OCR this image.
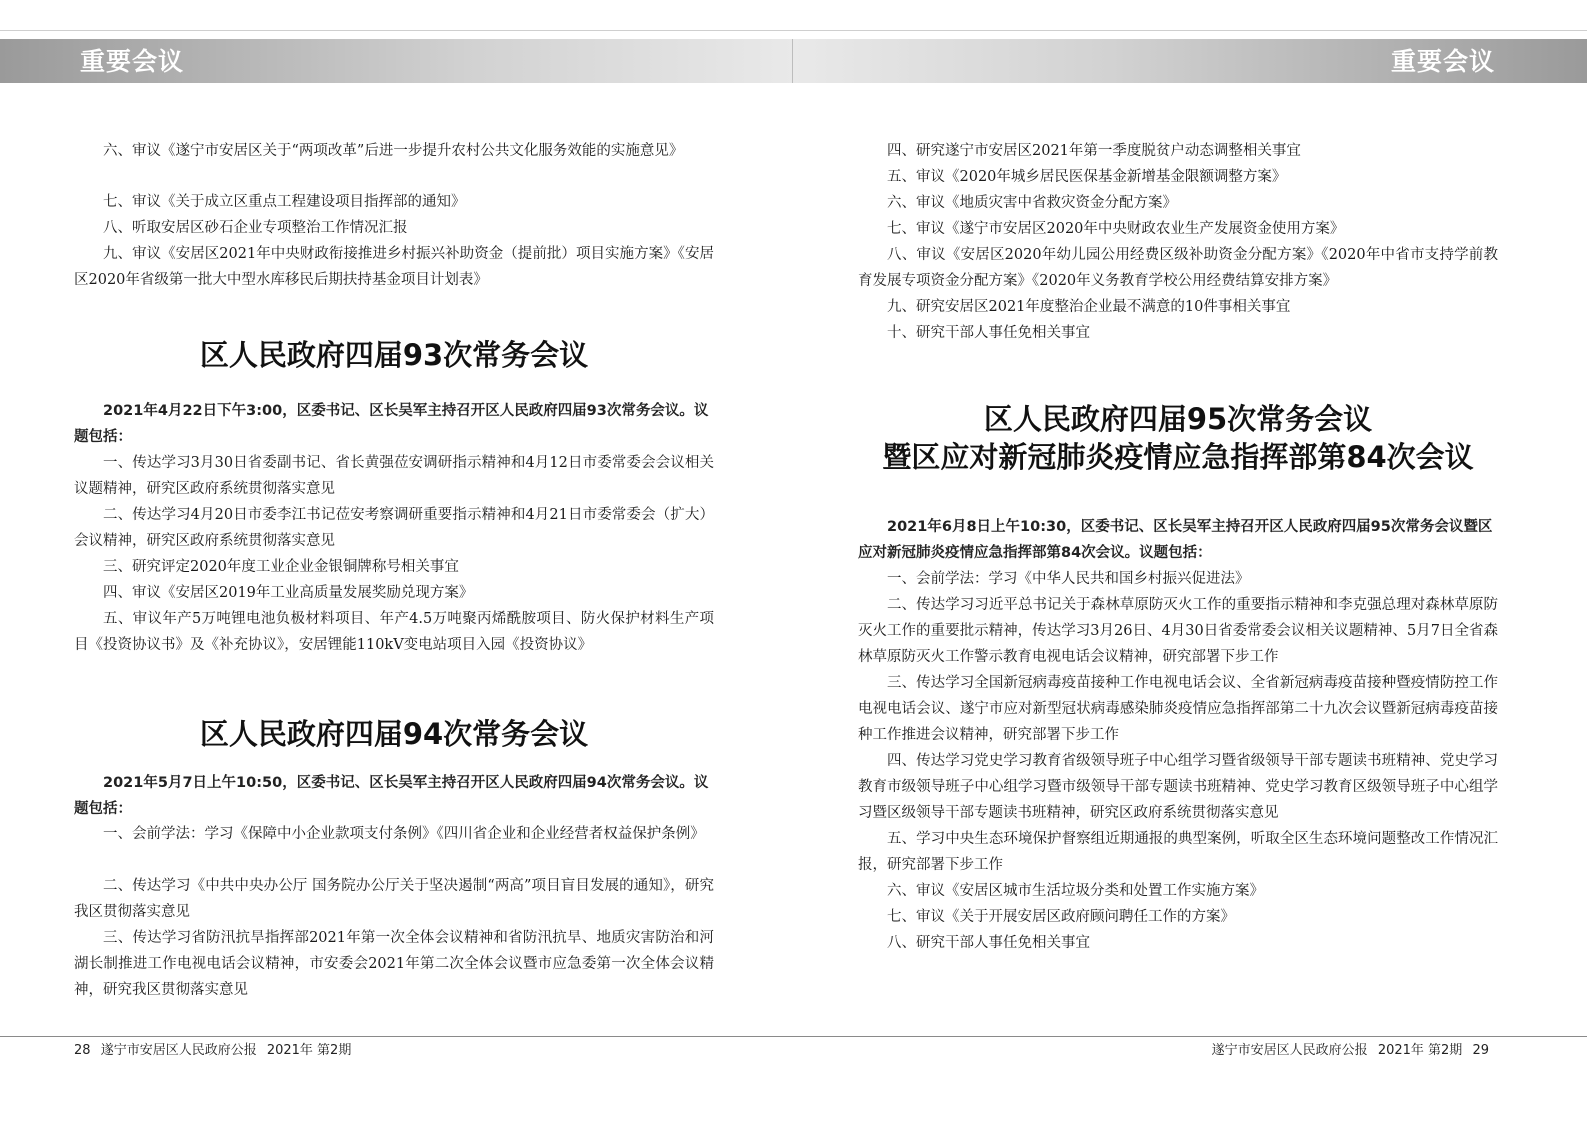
重要会议	重要会议
六、审议《遂宁市安居区关于“两项改革”后进一步提升农村公共文化服务效能的实施意见》
七、审议《关于成立区重点工程建设项目指挥部的通知》
八、听取安居区砂石企业专项整治工作情况汇报
九、审议《安居区2021年中央财政衔接推进乡村振兴补助资金（提前批）项目实施方案》《安居区2020年省级第一批大中型水库移民后期扶持基金项目计划表》
区人民政府四届93次常务会议
2021年4月22日下午3:00，区委书记、区长吴军主持召开区人民政府四届93次常务会议。议题包括：
一、传达学习3月30日省委副书记、省长黄强莅安调研指示精神和4月12日市委常委会会议相关议题精神，研究区政府系统贯彻落实意见
二、传达学习4月20日市委李江书记莅安考察调研重要指示精神和4月21日市委常委会（扩大）会议精神，研究区政府系统贯彻落实意见
三、研究评定2020年度工业企业金银铜牌称号相关事宜
四、审议《安居区2019年工业高质量发展奖励兑现方案》
五、审议年产5万吨锂电池负极材料项目、年产4.5万吨聚丙烯酰胺项目、防火保护材料生产项目《投资协议书》及《补充协议》，安居锂能110kV变电站项目入园《投资协议》
区人民政府四届94次常务会议
2021年5月7日上午10:50，区委书记、区长吴军主持召开区人民政府四届94次常务会议。议题包括：
一、会前学法：学习《保障中小企业款项支付条例》《四川省企业和企业经营者权益保护条例》
二、传达学习《中共中央办公厅 国务院办公厅关于坚决遏制“两高”项目盲目发展的通知》，研究我区贯彻落实意见
三、传达学习省防汛抗旱指挥部2021年第一次全体会议精神和省防汛抗旱、地质灾害防治和河湖长制推进工作电视电话会议精神，市安委会2021年第二次全体会议暨市应急委第一次全体会议精神，研究我区贯彻落实意见
四、研究遂宁市安居区2021年第一季度脱贫户动态调整相关事宜
五、审议《2020年城乡居民医保基金新增基金限额调整方案》
六、审议《地质灾害中省救灾资金分配方案》
七、审议《遂宁市安居区2020年中央财政农业生产发展资金使用方案》
八、审议《安居区2020年幼儿园公用经费区级补助资金分配方案》《2020年中省市支持学前教育发展专项资金分配方案》《2020年义务教育学校公用经费结算安排方案》
九、研究安居区2021年度整治企业最不满意的10件事相关事宜
十、研究干部人事任免相关事宜
区人民政府四届95次常务会议
暨区应对新冠肺炎疫情应急指挥部第84次会议
2021年6月8日上午10:30，区委书记、区长吴军主持召开区人民政府四届95次常务会议暨区应对新冠肺炎疫情应急指挥部第84次会议。议题包括：
一、会前学法：学习《中华人民共和国乡村振兴促进法》
二、传达学习习近平总书记关于森林草原防灭火工作的重要指示精神和李克强总理对森林草原防灭火工作的重要批示精神，传达学习3月26日、4月30日省委常委会议相关议题精神、5月7日全省森林草原防灭火工作警示教育电视电话会议精神，研究部署下步工作
三、传达学习全国新冠病毒疫苗接种工作电视电话会议、全省新冠病毒疫苗接种暨疫情防控工作电视电话会议、遂宁市应对新型冠状病毒感染肺炎疫情应急指挥部第二十九次会议暨新冠病毒疫苗接种工作推进会议精神，研究部署下步工作
四、传达学习党史学习教育省级领导班子中心组学习暨省级领导干部专题读书班精神、党史学习教育市级领导班子中心组学习暨市级领导干部专题读书班精神、党史学习教育区级领导班子中心组学习暨区级领导干部专题读书班精神，研究区政府系统贯彻落实意见
五、学习中央生态环境保护督察组近期通报的典型案例，听取全区生态环境问题整改工作情况汇报，研究部署下步工作
六、审议《安居区城市生活垃圾分类和处置工作实施方案》
七、审议《关于开展安居区政府顾问聘任工作的方案》
八、研究干部人事任免相关事宜
28 遂宁市安居区人民政府公报 2021年 第2期	遂宁市安居区人民政府公报 2021年 第2期 29
